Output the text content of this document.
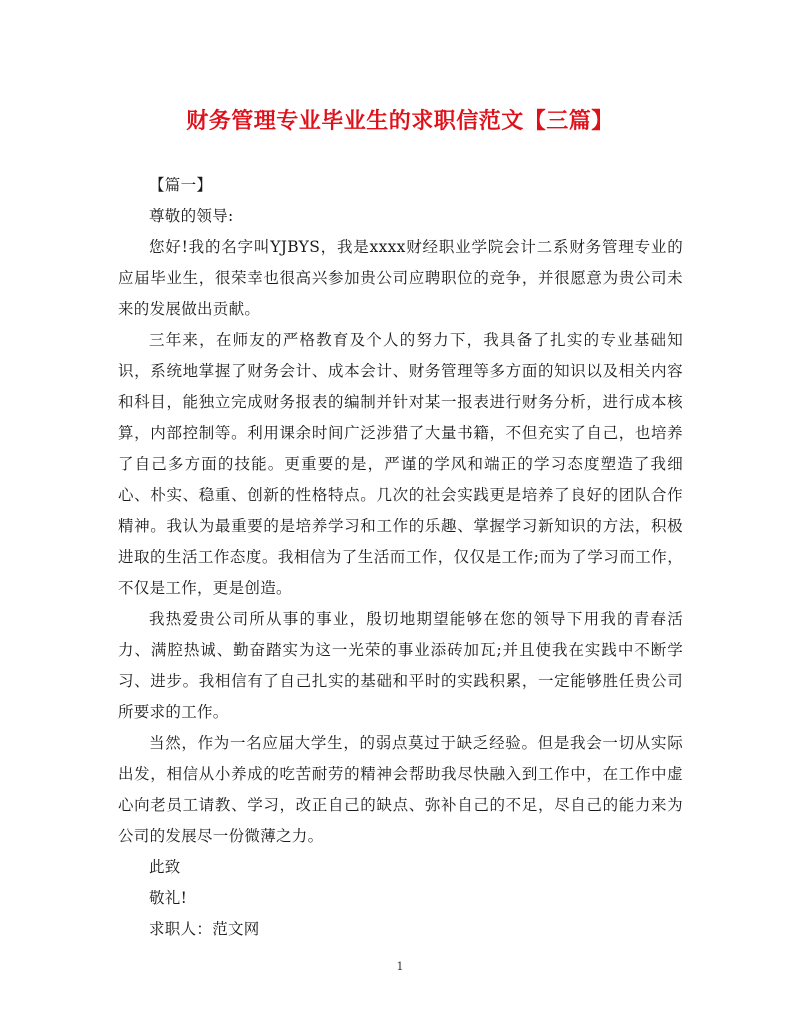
财务管理专业毕业生的求职信范文【三篇】

【篇一】

尊敬的领导:

您好!我的名字叫YJBYS，我是xxxx财经职业学院会计二系财务管理专业的应届毕业生，很荣幸也很高兴参加贵公司应聘职位的竞争，并很愿意为贵公司未来的发展做出贡献。

三年来，在师友的严格教育及个人的努力下，我具备了扎实的专业基础知识，系统地掌握了财务会计、成本会计、财务管理等多方面的知识以及相关内容和科目，能独立完成财务报表的编制并针对某一报表进行财务分析，进行成本核算，内部控制等。利用课余时间广泛涉猎了大量书籍，不但充实了自己，也培养了自己多方面的技能。更重要的是，严谨的学风和端正的学习态度塑造了我细心、朴实、稳重、创新的性格特点。几次的社会实践更是培养了良好的团队合作精神。我认为最重要的是培养学习和工作的乐趣、掌握学习新知识的方法，积极进取的生活工作态度。我相信为了生活而工作，仅仅是工作;而为了学习而工作，不仅是工作，更是创造。

我热爱贵公司所从事的事业，殷切地期望能够在您的领导下用我的青春活力、满腔热诚、勤奋踏实为这一光荣的事业添砖加瓦;并且使我在实践中不断学习、进步。我相信有了自己扎实的基础和平时的实践积累，一定能够胜任贵公司所要求的工作。

当然，作为一名应届大学生，的弱点莫过于缺乏经验。但是我会一切从实际出发，相信从小养成的吃苦耐劳的精神会帮助我尽快融入到工作中，在工作中虚心向老员工请教、学习，改正自己的缺点、弥补自己的不足，尽自己的能力来为公司的发展尽一份微薄之力。

此致

敬礼!

求职人：范文网

1
